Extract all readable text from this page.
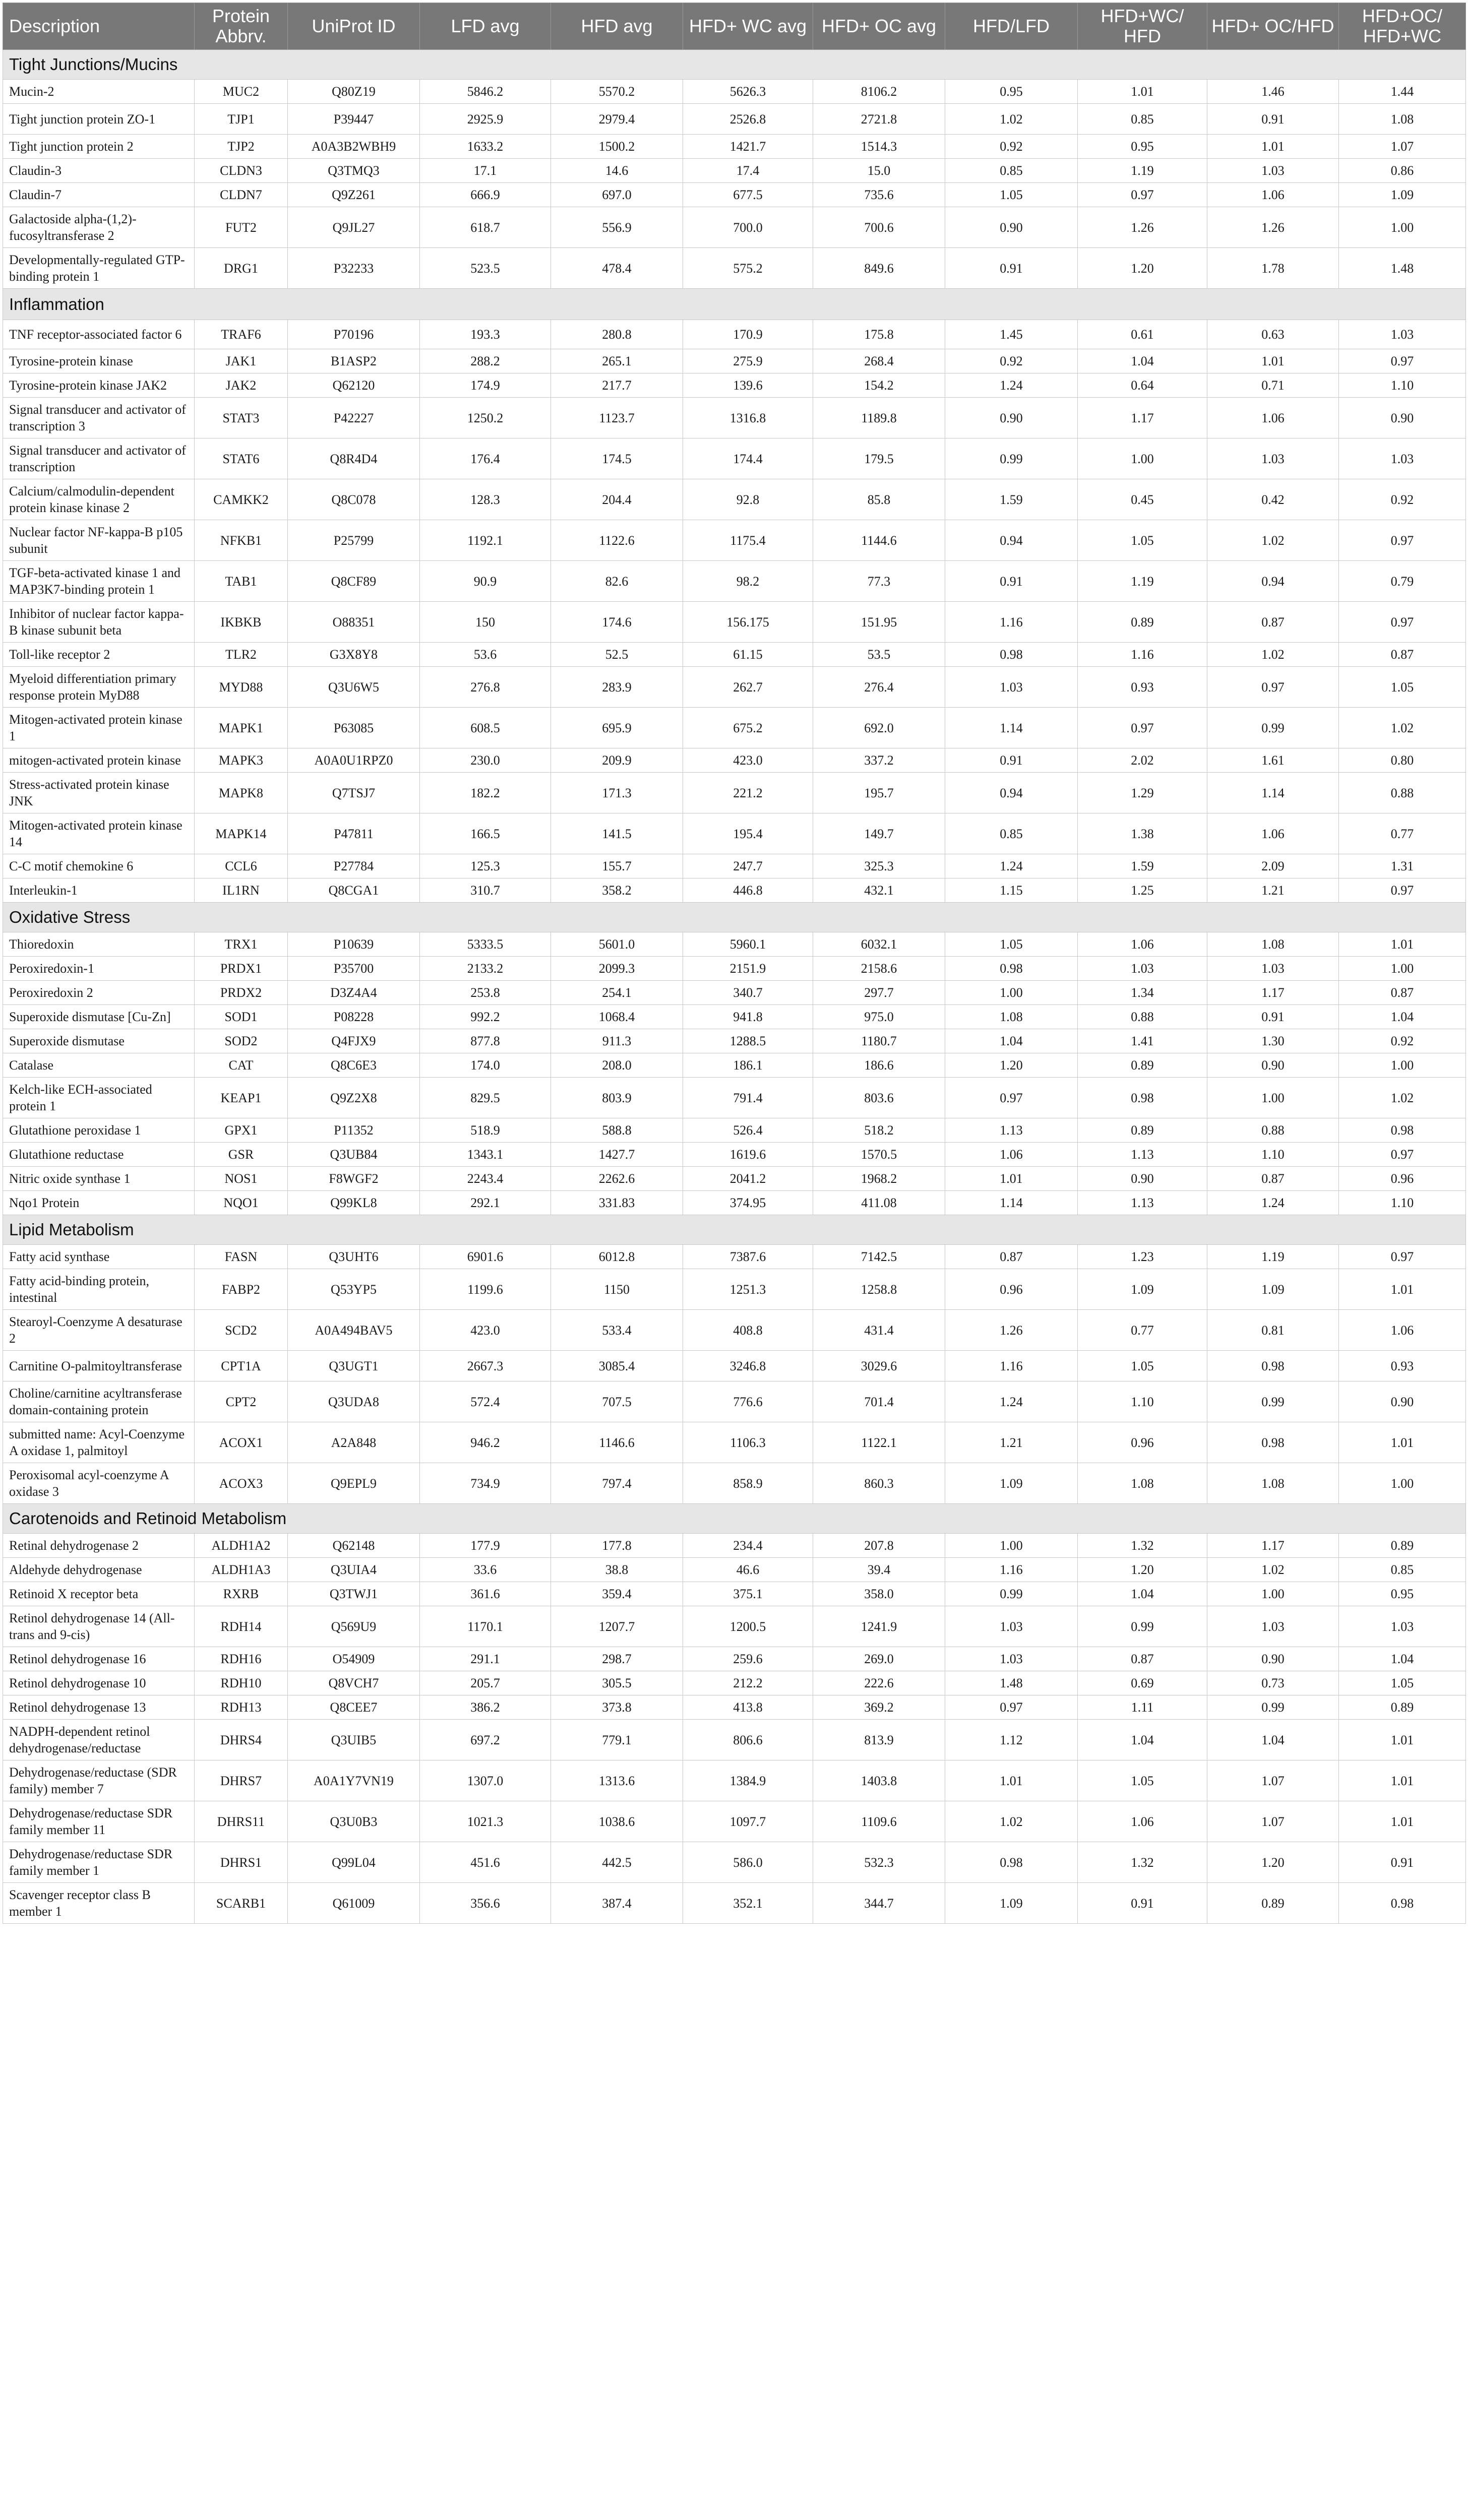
Description	Protein Abbrv.	UniProt ID	LFD avg	HFD avg	HFD+ WC avg	HFD+ OC avg	HFD/LFD	HFD+WC/ HFD	HFD+ OC/HFD	HFD+OC/ HFD+WC
Tight Junctions/Mucins										
Mucin-2	MUC2	Q80Z19	5846.2	5570.2	5626.3	8106.2	0.95	1.01	1.46	1.44
Tight junction protein ZO-1	TJP1	P39447	2925.9	2979.4	2526.8	2721.8	1.02	0.85	0.91	1.08
Tight junction protein 2	TJP2	A0A3B2WBH9	1633.2	1500.2	1421.7	1514.3	0.92	0.95	1.01	1.07
Claudin-3	CLDN3	Q3TMQ3	17.1	14.6	17.4	15.0	0.85	1.19	1.03	0.86
Claudin-7	CLDN7	Q9Z261	666.9	697.0	677.5	735.6	1.05	0.97	1.06	1.09
Galactoside alpha-(1,2)-fucosyltransferase 2	FUT2	Q9JL27	618.7	556.9	700.0	700.6	0.90	1.26	1.26	1.00
Developmentally-regulated GTP-binding protein 1	DRG1	P32233	523.5	478.4	575.2	849.6	0.91	1.20	1.78	1.48
Inflammation										
TNF receptor-associated factor 6	TRAF6	P70196	193.3	280.8	170.9	175.8	1.45	0.61	0.63	1.03
Tyrosine-protein kinase	JAK1	B1ASP2	288.2	265.1	275.9	268.4	0.92	1.04	1.01	0.97
Tyrosine-protein kinase JAK2	JAK2	Q62120	174.9	217.7	139.6	154.2	1.24	0.64	0.71	1.10
Signal transducer and activator of transcription 3	STAT3	P42227	1250.2	1123.7	1316.8	1189.8	0.90	1.17	1.06	0.90
Signal transducer and activator of transcription	STAT6	Q8R4D4	176.4	174.5	174.4	179.5	0.99	1.00	1.03	1.03
Calcium/calmodulin-dependent protein kinase kinase 2	CAMKK2	Q8C078	128.3	204.4	92.8	85.8	1.59	0.45	0.42	0.92
Nuclear factor NF-kappa-B p105 subunit	NFKB1	P25799	1192.1	1122.6	1175.4	1144.6	0.94	1.05	1.02	0.97
TGF-beta-activated kinase 1 and MAP3K7-binding protein 1	TAB1	Q8CF89	90.9	82.6	98.2	77.3	0.91	1.19	0.94	0.79
Inhibitor of nuclear factor kappa-B kinase subunit beta	IKBKB	O88351	150	174.6	156.175	151.95	1.16	0.89	0.87	0.97
Toll-like receptor 2	TLR2	G3X8Y8	53.6	52.5	61.15	53.5	0.98	1.16	1.02	0.87
Myeloid differentiation primary response protein MyD88	MYD88	Q3U6W5	276.8	283.9	262.7	276.4	1.03	0.93	0.97	1.05
Mitogen-activated protein kinase 1	MAPK1	P63085	608.5	695.9	675.2	692.0	1.14	0.97	0.99	1.02
mitogen-activated protein kinase	MAPK3	A0A0U1RPZ0	230.0	209.9	423.0	337.2	0.91	2.02	1.61	0.80
Stress-activated protein kinase JNK	MAPK8	Q7TSJ7	182.2	171.3	221.2	195.7	0.94	1.29	1.14	0.88
Mitogen-activated protein kinase 14	MAPK14	P47811	166.5	141.5	195.4	149.7	0.85	1.38	1.06	0.77
C-C motif chemokine 6	CCL6	P27784	125.3	155.7	247.7	325.3	1.24	1.59	2.09	1.31
Interleukin-1	IL1RN	Q8CGA1	310.7	358.2	446.8	432.1	1.15	1.25	1.21	0.97
Oxidative Stress										
Thioredoxin	TRX1	P10639	5333.5	5601.0	5960.1	6032.1	1.05	1.06	1.08	1.01
Peroxiredoxin-1	PRDX1	P35700	2133.2	2099.3	2151.9	2158.6	0.98	1.03	1.03	1.00
Peroxiredoxin 2	PRDX2	D3Z4A4	253.8	254.1	340.7	297.7	1.00	1.34	1.17	0.87
Superoxide dismutase [Cu-Zn]	SOD1	P08228	992.2	1068.4	941.8	975.0	1.08	0.88	0.91	1.04
Superoxide dismutase	SOD2	Q4FJX9	877.8	911.3	1288.5	1180.7	1.04	1.41	1.30	0.92
Catalase	CAT	Q8C6E3	174.0	208.0	186.1	186.6	1.20	0.89	0.90	1.00
Kelch-like ECH-associated protein 1	KEAP1	Q9Z2X8	829.5	803.9	791.4	803.6	0.97	0.98	1.00	1.02
Glutathione peroxidase 1	GPX1	P11352	518.9	588.8	526.4	518.2	1.13	0.89	0.88	0.98
Glutathione reductase	GSR	Q3UB84	1343.1	1427.7	1619.6	1570.5	1.06	1.13	1.10	0.97
Nitric oxide synthase 1	NOS1	F8WGF2	2243.4	2262.6	2041.2	1968.2	1.01	0.90	0.87	0.96
Nqo1 Protein	NQO1	Q99KL8	292.1	331.83	374.95	411.08	1.14	1.13	1.24	1.10
Lipid Metabolism										
Fatty acid synthase	FASN	Q3UHT6	6901.6	6012.8	7387.6	7142.5	0.87	1.23	1.19	0.97
Fatty acid-binding protein, intestinal	FABP2	Q53YP5	1199.6	1150	1251.3	1258.8	0.96	1.09	1.09	1.01
Stearoyl-Coenzyme A desaturase 2	SCD2	A0A494BAV5	423.0	533.4	408.8	431.4	1.26	0.77	0.81	1.06
Carnitine O-palmitoyltransferase	CPT1A	Q3UGT1	2667.3	3085.4	3246.8	3029.6	1.16	1.05	0.98	0.93
Choline/carnitine acyltransferase domain-containing protein	CPT2	Q3UDA8	572.4	707.5	776.6	701.4	1.24	1.10	0.99	0.90
submitted name: Acyl-Coenzyme A oxidase 1, palmitoyl	ACOX1	A2A848	946.2	1146.6	1106.3	1122.1	1.21	0.96	0.98	1.01
Peroxisomal acyl-coenzyme A oxidase 3	ACOX3	Q9EPL9	734.9	797.4	858.9	860.3	1.09	1.08	1.08	1.00
Carotenoids and Retinoid Metabolism										
Retinal dehydrogenase 2	ALDH1A2	Q62148	177.9	177.8	234.4	207.8	1.00	1.32	1.17	0.89
Aldehyde dehydrogenase	ALDH1A3	Q3UIA4	33.6	38.8	46.6	39.4	1.16	1.20	1.02	0.85
Retinoid X receptor beta	RXRB	Q3TWJ1	361.6	359.4	375.1	358.0	0.99	1.04	1.00	0.95
Retinol dehydrogenase 14 (All-trans and 9-cis)	RDH14	Q569U9	1170.1	1207.7	1200.5	1241.9	1.03	0.99	1.03	1.03
Retinol dehydrogenase 16	RDH16	O54909	291.1	298.7	259.6	269.0	1.03	0.87	0.90	1.04
Retinol dehydrogenase 10	RDH10	Q8VCH7	205.7	305.5	212.2	222.6	1.48	0.69	0.73	1.05
Retinol dehydrogenase 13	RDH13	Q8CEE7	386.2	373.8	413.8	369.2	0.97	1.11	0.99	0.89
NADPH-dependent retinol dehydrogenase/reductase	DHRS4	Q3UIB5	697.2	779.1	806.6	813.9	1.12	1.04	1.04	1.01
Dehydrogenase/reductase (SDR family) member 7	DHRS7	A0A1Y7VN19	1307.0	1313.6	1384.9	1403.8	1.01	1.05	1.07	1.01
Dehydrogenase/reductase SDR family member 11	DHRS11	Q3U0B3	1021.3	1038.6	1097.7	1109.6	1.02	1.06	1.07	1.01
Dehydrogenase/reductase SDR family member 1	DHRS1	Q99L04	451.6	442.5	586.0	532.3	0.98	1.32	1.20	0.91
Scavenger receptor class B member 1	SCARB1	Q61009	356.6	387.4	352.1	344.7	1.09	0.91	0.89	0.98
